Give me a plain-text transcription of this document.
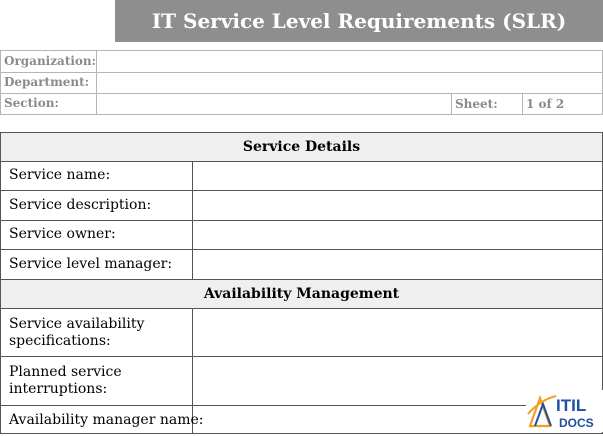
IT Service Level Requirements (SLR)
Organization:
Department:
Section:	Sheet: 1 of 2
Service Details
Availability Management
Service name:
Service description:
Service owner:
Service level manager:
Service availability
specifications:
Planned service
interruptions:
Availability manager name:
ITIL
DOCS
